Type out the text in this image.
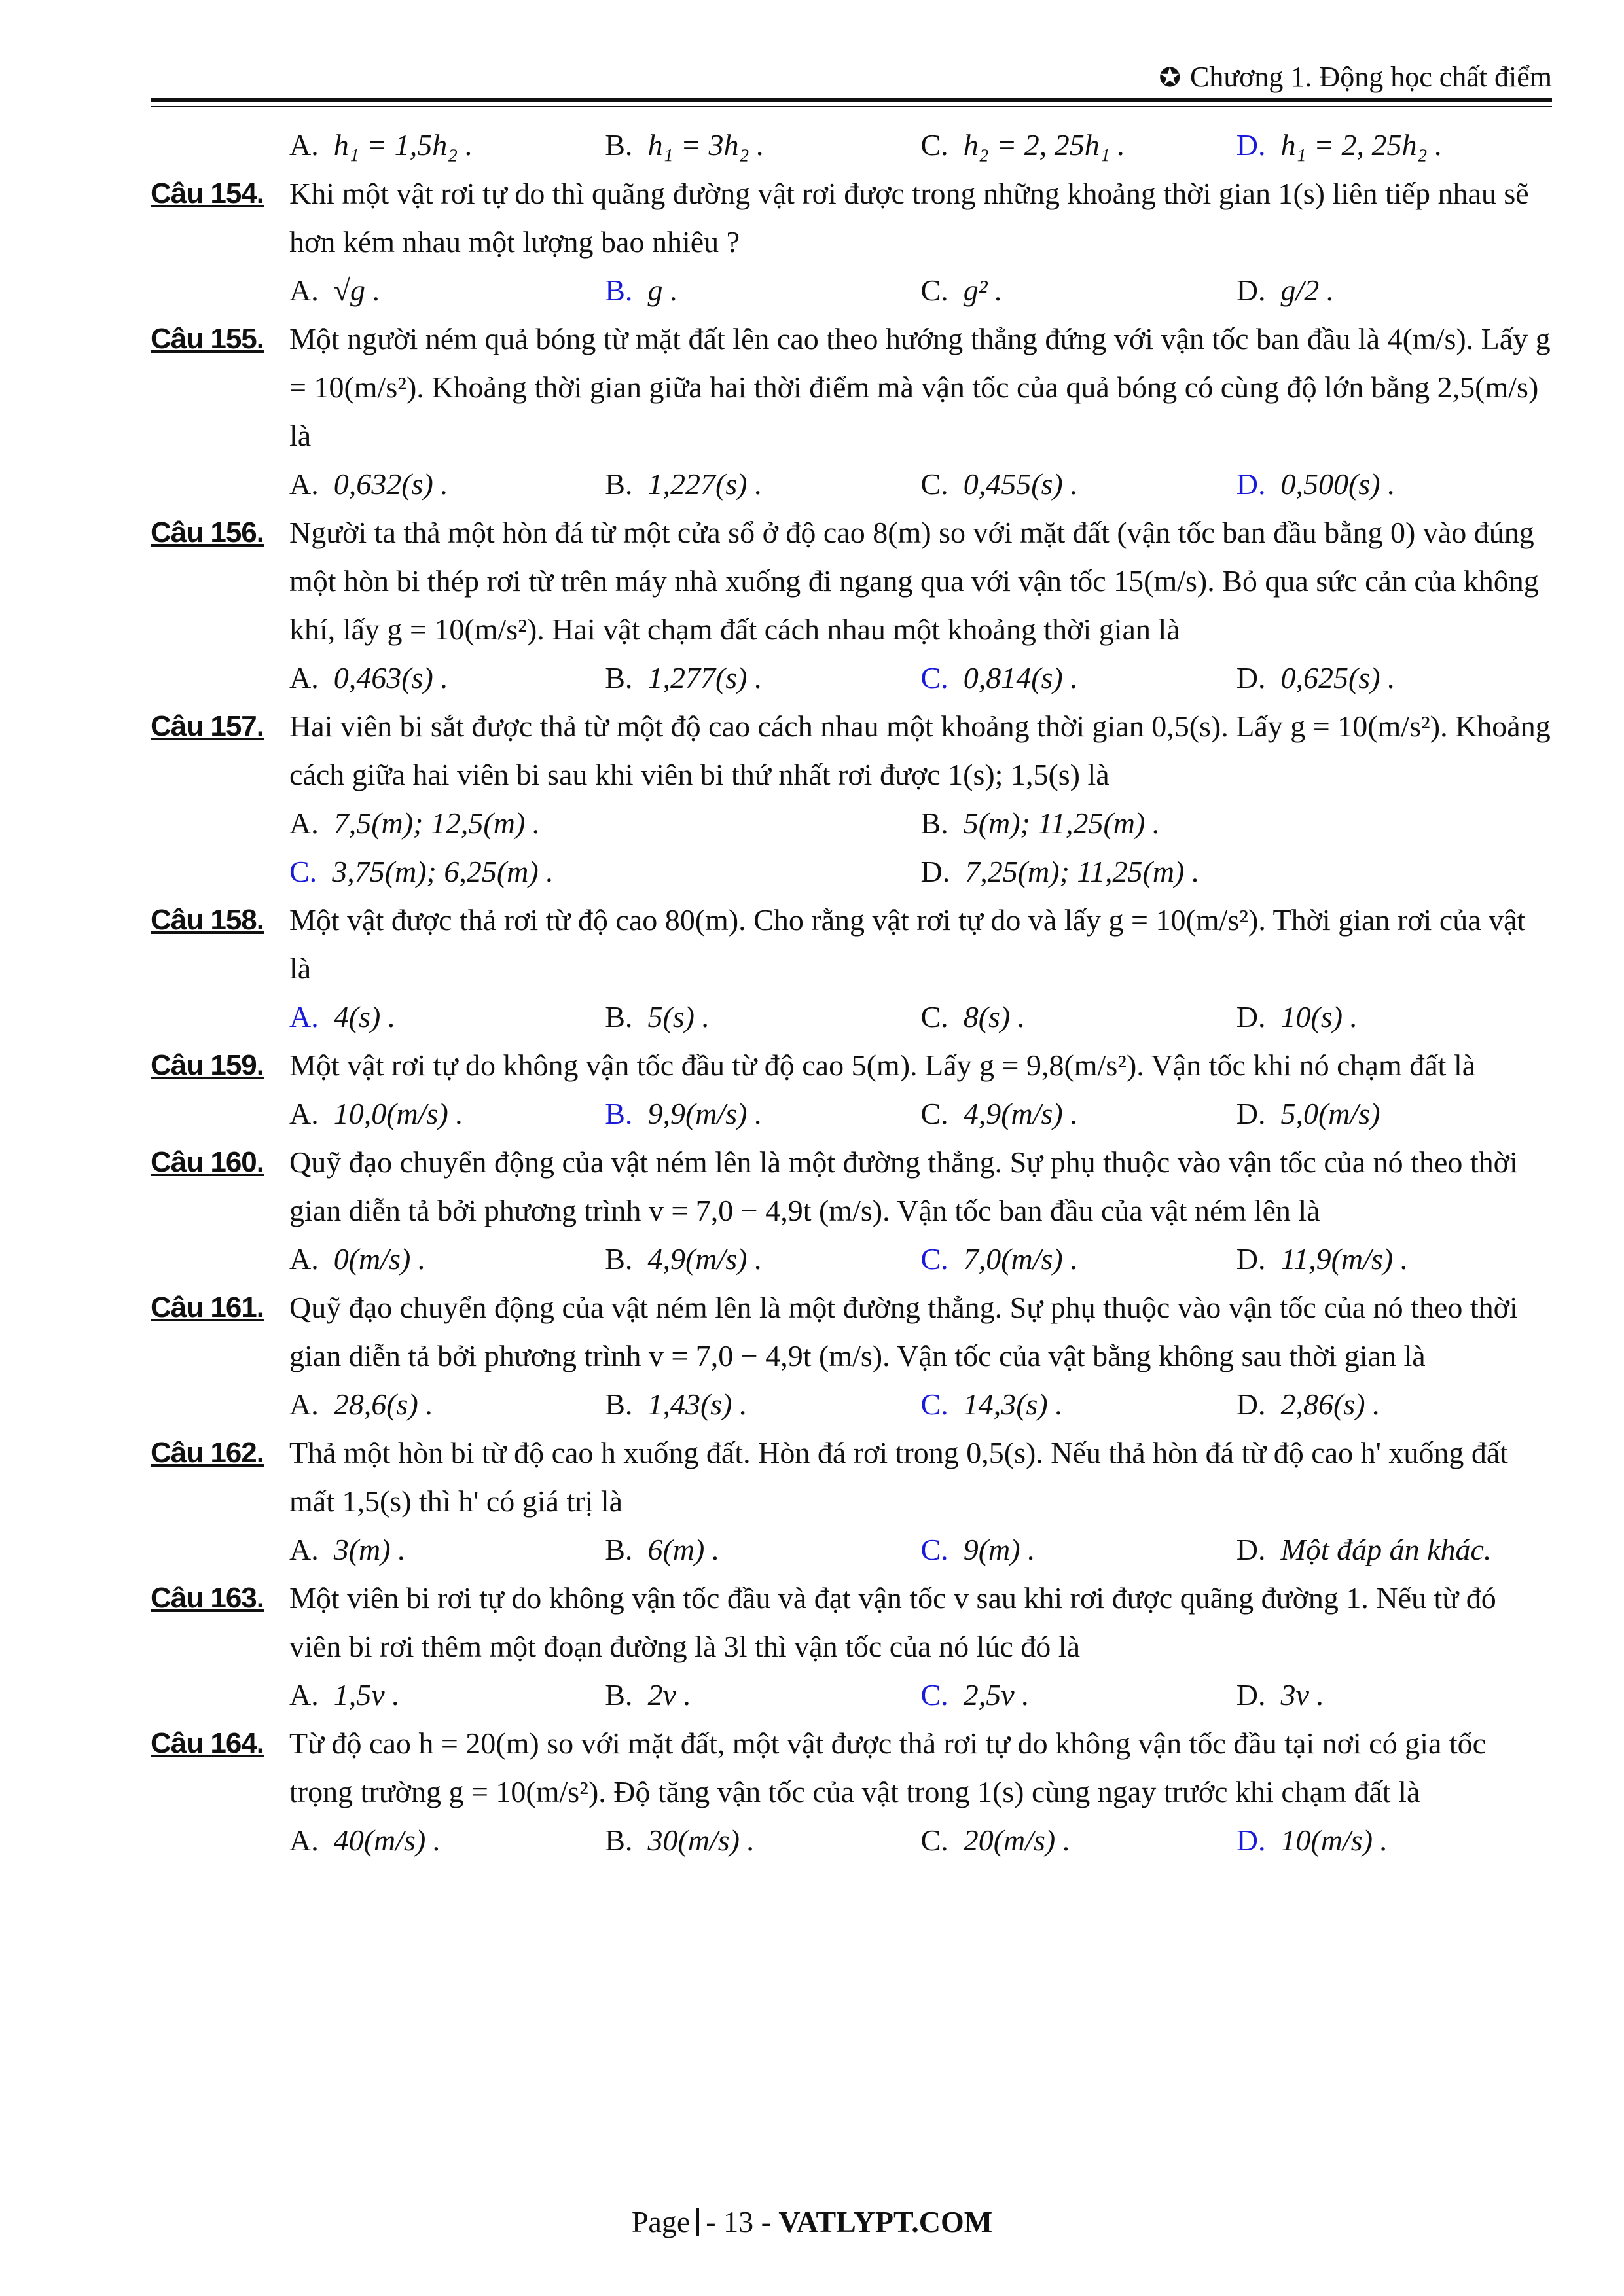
✪ Chương 1. Động học chất điểm
A. h₁ = 1,5h₂ .	B. h₁ = 3h₂ .	C. h₂ = 2, 25h₁ .	D. h₁ = 2, 25h₂ .
Câu 154. Khi một vật rơi tự do thì quãng đường vật rơi được trong những khoảng thời gian 1(s) liên tiếp nhau sẽ hơn kém nhau một lượng bao nhiêu ?
A. √g .	B. g .	C. g² .	D. g/2 .
Câu 155. Một người ném quả bóng từ mặt đất lên cao theo hướng thẳng đứng với vận tốc ban đầu là 4(m/s). Lấy g = 10(m/s²). Khoảng thời gian giữa hai thời điểm mà vận tốc của quả bóng có cùng độ lớn bằng 2,5(m/s) là
A. 0,632(s) .	B. 1,227(s) .	C. 0,455(s) .	D. 0,500(s) .
Câu 156. Người ta thả một hòn đá từ một cửa sổ ở độ cao 8(m) so với mặt đất (vận tốc ban đầu bằng 0) vào đúng một hòn bi thép rơi từ trên máy nhà xuống đi ngang qua với vận tốc 15(m/s). Bỏ qua sức cản của không khí, lấy g = 10(m/s²). Hai vật chạm đất cách nhau một khoảng thời gian là
A. 0,463(s) .	B. 1,277(s) .	C. 0,814(s) .	D. 0,625(s) .
Câu 157. Hai viên bi sắt được thả từ một độ cao cách nhau một khoảng thời gian 0,5(s). Lấy g = 10(m/s²). Khoảng cách giữa hai viên bi sau khi viên bi thứ nhất rơi được 1(s); 1,5(s) là
A. 7,5(m); 12,5(m) .	B. 5(m); 11,25(m) .
C. 3,75(m); 6,25(m) .	D. 7,25(m); 11,25(m) .
Câu 158. Một vật được thả rơi từ độ cao 80(m). Cho rằng vật rơi tự do và lấy g = 10(m/s²). Thời gian rơi của vật là
A. 4(s) .	B. 5(s) .	C. 8(s) .	D. 10(s) .
Câu 159. Một vật rơi tự do không vận tốc đầu từ độ cao 5(m). Lấy g = 9,8(m/s²). Vận tốc khi nó chạm đất là
A. 10,0(m/s) .	B. 9,9(m/s) .	C. 4,9(m/s) .	D. 5,0(m/s)
Câu 160. Quỹ đạo chuyển động của vật ném lên là một đường thẳng. Sự phụ thuộc vào vận tốc của nó theo thời gian diễn tả bởi phương trình v = 7,0 − 4,9t (m/s). Vận tốc ban đầu của vật ném lên là
A. 0(m/s) .	B. 4,9(m/s) .	C. 7,0(m/s) .	D. 11,9(m/s) .
Câu 161. Quỹ đạo chuyển động của vật ném lên là một đường thẳng. Sự phụ thuộc vào vận tốc của nó theo thời gian diễn tả bởi phương trình v = 7,0 − 4,9t (m/s). Vận tốc của vật bằng không sau thời gian là
A. 28,6(s) .	B. 1,43(s) .	C. 14,3(s) .	D. 2,86(s) .
Câu 162. Thả một hòn bi từ độ cao h xuống đất. Hòn đá rơi trong 0,5(s). Nếu thả hòn đá từ độ cao h' xuống đất mất 1,5(s) thì h' có giá trị là
A. 3(m) .	B. 6(m) .	C. 9(m) .	D. Một đáp án khác.
Câu 163. Một viên bi rơi tự do không vận tốc đầu và đạt vận tốc v sau khi rơi được quãng đường 1. Nếu từ đó viên bi rơi thêm một đoạn đường là 3l thì vận tốc của nó lúc đó là
A. 1,5v .	B. 2v .	C. 2,5v .	D. 3v .
Câu 164. Từ độ cao h = 20(m) so với mặt đất, một vật được thả rơi tự do không vận tốc đầu tại nơi có gia tốc trọng trường g = 10(m/s²). Độ tăng vận tốc của vật trong 1(s) cùng ngay trước khi chạm đất là
A. 40(m/s) .	B. 30(m/s) .	C. 20(m/s) .	D. 10(m/s) .
Page - 13 - VATLYPT.COM
